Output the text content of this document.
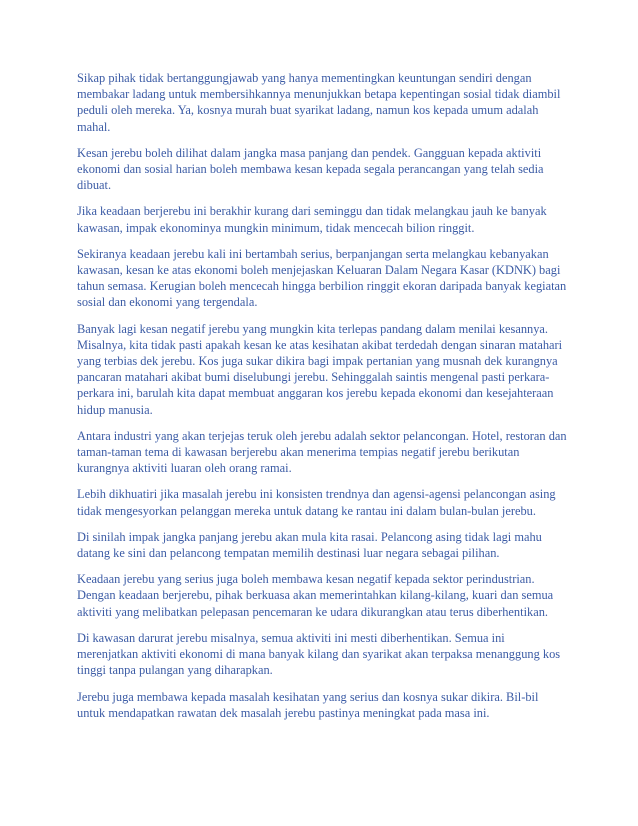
Sikap pihak tidak bertanggungjawab yang hanya mementingkan keuntungan sendiri dengan membakar ladang untuk membersihkannya menunjukkan betapa kepentingan sosial tidak diambil peduli oleh mereka. Ya, kosnya murah buat syarikat ladang, namun kos kepada umum adalah mahal.

Kesan jerebu boleh dilihat dalam jangka masa panjang dan pendek. Gangguan kepada aktiviti ekonomi dan sosial harian boleh membawa kesan kepada segala perancangan yang telah sedia dibuat.

Jika keadaan berjerebu ini berakhir kurang dari seminggu dan tidak melangkau jauh ke banyak kawasan, impak ekonominya mungkin minimum, tidak mencecah bilion ringgit.

Sekiranya keadaan jerebu kali ini bertambah serius, berpanjangan serta melangkau kebanyakan kawasan, kesan ke atas ekonomi boleh menjejaskan Keluaran Dalam Negara Kasar (KDNK) bagi tahun semasa. Kerugian boleh mencecah hingga berbilion ringgit ekoran daripada banyak kegiatan sosial dan ekonomi yang tergendala.

Banyak lagi kesan negatif jerebu yang mungkin kita terlepas pandang dalam menilai kesannya. Misalnya, kita tidak pasti apakah kesan ke atas kesihatan akibat terdedah dengan sinaran matahari yang terbias dek jerebu. Kos juga sukar dikira bagi impak pertanian yang musnah dek kurangnya pancaran matahari akibat bumi diselubungi jerebu. Sehinggalah saintis mengenal pasti perkara-perkara ini, barulah kita dapat membuat anggaran kos jerebu kepada ekonomi dan kesejahteraan hidup manusia.

Antara industri yang akan terjejas teruk oleh jerebu adalah sektor pelancongan. Hotel, restoran dan taman-taman tema di kawasan berjerebu akan menerima tempias negatif jerebu berikutan kurangnya aktiviti luaran oleh orang ramai.

Lebih dikhuatiri jika masalah jerebu ini konsisten trendnya dan agensi-agensi pelancongan asing tidak mengesyorkan pelanggan mereka untuk datang ke rantau ini dalam bulan-bulan jerebu.

Di sinilah impak jangka panjang jerebu akan mula kita rasai. Pelancong asing tidak lagi mahu datang ke sini dan pelancong tempatan memilih destinasi luar negara sebagai pilihan.

Keadaan jerebu yang serius juga boleh membawa kesan negatif kepada sektor perindustrian. Dengan keadaan berjerebu, pihak berkuasa akan memerintahkan kilang-kilang, kuari dan semua aktiviti yang melibatkan pelepasan pencemaran ke udara dikurangkan atau terus diberhentikan.

Di kawasan darurat jerebu misalnya, semua aktiviti ini mesti diberhentikan. Semua ini merenjatkan aktiviti ekonomi di mana banyak kilang dan syarikat akan terpaksa menanggung kos tinggi tanpa pulangan yang diharapkan.

Jerebu juga membawa kepada masalah kesihatan yang serius dan kosnya sukar dikira. Bil-bil untuk mendapatkan rawatan dek masalah jerebu pastinya meningkat pada masa ini.
